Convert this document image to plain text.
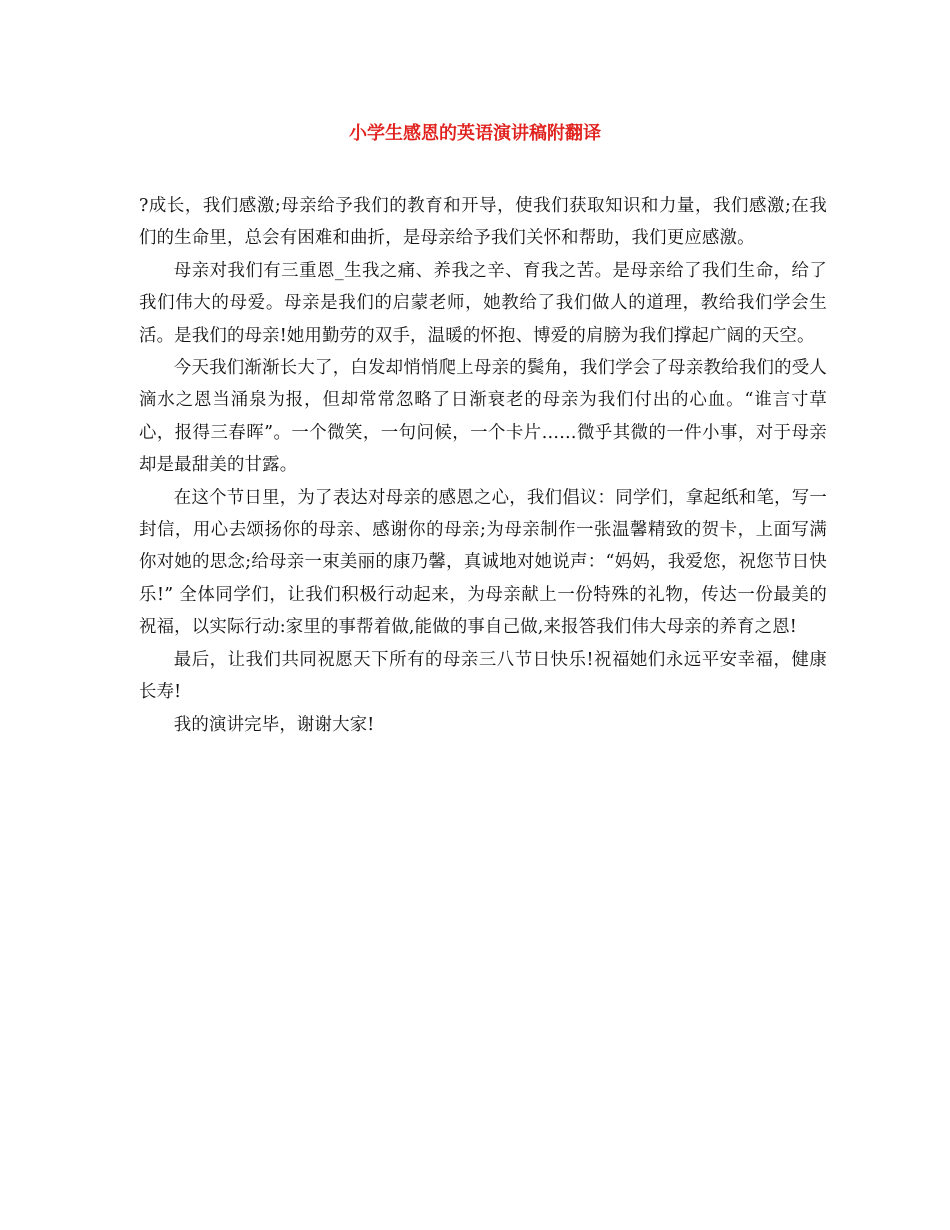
小学生感恩的英语演讲稿附翻译

?成长，我们感激;母亲给予我们的教育和开导，使我们获取知识和力量，我们感激;在我们的生命里，总会有困难和曲折，是母亲给予我们关怀和帮助，我们更应感激。

母亲对我们有三重恩_生我之痛、养我之辛、育我之苦。是母亲给了我们生命，给了我们伟大的母爱。母亲是我们的启蒙老师，她教给了我们做人的道理，教给我们学会生活。是我们的母亲!她用勤劳的双手，温暖的怀抱、博爱的肩膀为我们撑起广阔的天空。

今天我们渐渐长大了，白发却悄悄爬上母亲的鬓角，我们学会了母亲教给我们的受人滴水之恩当涌泉为报，但却常常忽略了日渐衰老的母亲为我们付出的心血。“谁言寸草心，报得三春晖”。一个微笑，一句问候，一个卡片……微乎其微的一件小事，对于母亲却是最甜美的甘露。

在这个节日里，为了表达对母亲的感恩之心，我们倡议：同学们，拿起纸和笔，写一封信，用心去颂扬你的母亲、感谢你的母亲;为母亲制作一张温馨精致的贺卡，上面写满你对她的思念;给母亲一束美丽的康乃馨，真诚地对她说声：“妈妈，我爱您，祝您节日快乐!” 全体同学们，让我们积极行动起来，为母亲献上一份特殊的礼物，传达一份最美的祝福，以实际行动:家里的事帮着做,能做的事自己做,来报答我们伟大母亲的养育之恩!

最后，让我们共同祝愿天下所有的母亲三八节日快乐!祝福她们永远平安幸福，健康长寿!

我的演讲完毕，谢谢大家!
